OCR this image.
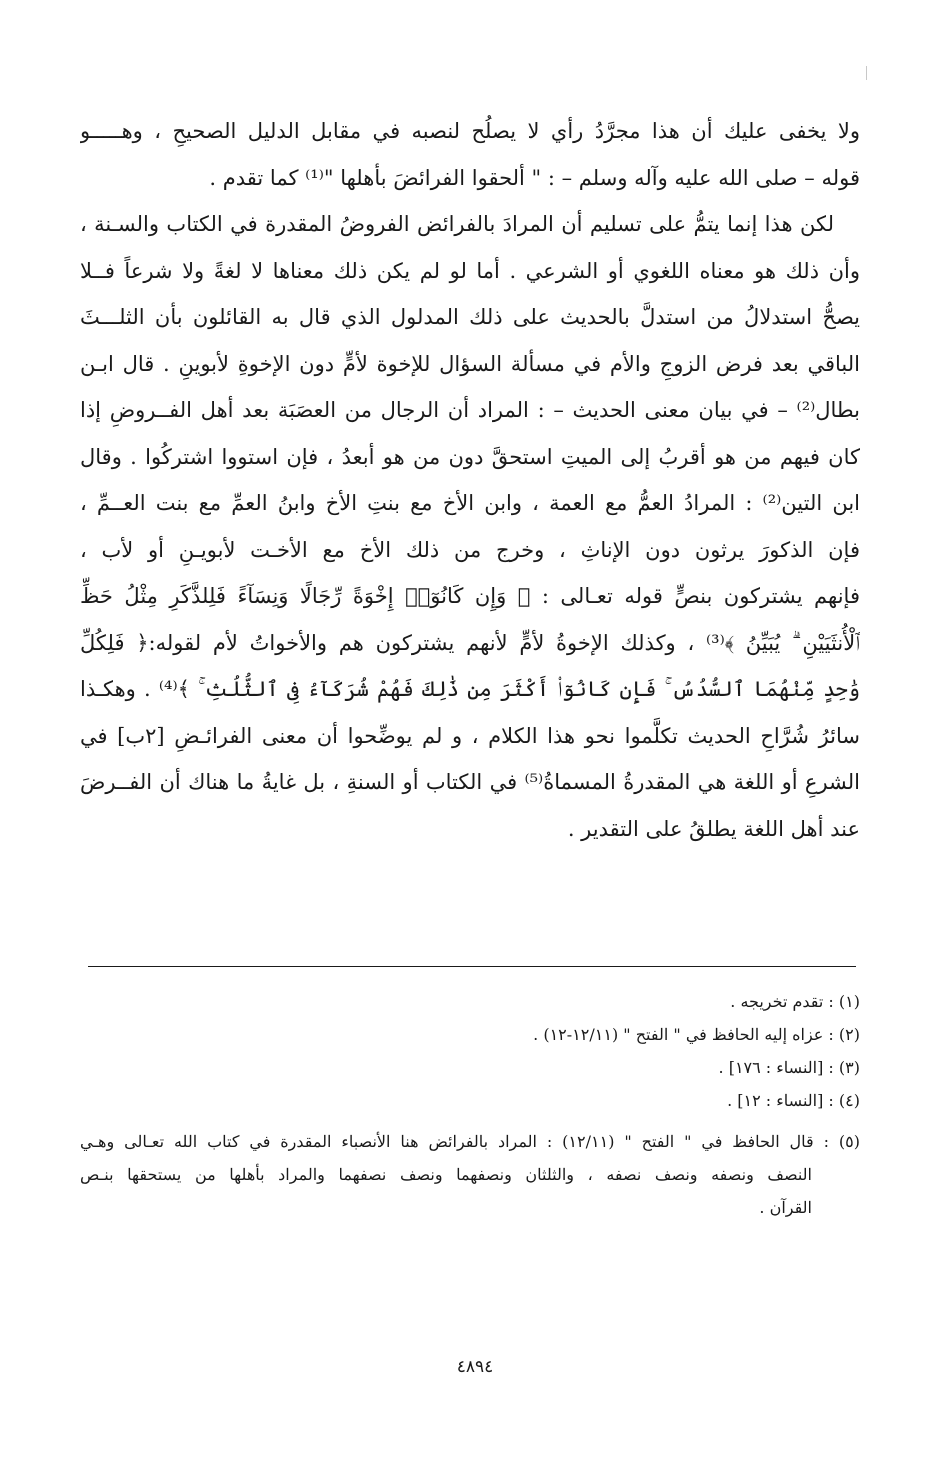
ولا يخفى عليك أن هذا مجرَّدُ رأي لا يصلُح لنصبه في مقابل الدليل الصحيحِ ، وهـــــو
قوله – صلى الله عليه وآله وسلم – : " ألحقوا الفرائضَ بأهلها "⁽¹⁾ كما تقدم .
لكن هذا إنما يتمُّ على تسليم أن المرادَ بالفرائض الفروضُ المقدرة في الكتاب والسـنة ،
وأن ذلك هو معناه اللغوي أو الشرعي . أما لو لم يكن ذلك معناها لا لغةً ولا شرعاً فــلا
يصحُّ استدلالُ من استدلَّ بالحديث على ذلك المدلول الذي قال به القائلون بأن الثلـــثَ
الباقي بعد فرض الزوجِ والأم في مسألة السؤال للإخوة لأمٍّ دون الإخوةِ لأبوينِ . قال ابـن
بطال⁽²⁾ – في بيان معنى الحديث – : المراد أن الرجال من العصَبَة بعد أهل الفــروضِ إذا
كان فيهم من هو أقربُ إلى الميتِ استحقَّ دون من هو أبعدُ ، فإن استووا اشتركُوا . وقال
ابن التين⁽²⁾ : المرادُ العمُّ مع العمة ، وابن الأخ مع بنتِ الأخ وابنُ العمِّ مع بنت العــمِّ ،
فإن الذكورَ يرثون دون الإناثِ ، وخرج من ذلك الأخ مع الأخـت لأبويـنِ أو لأب ،
فإنهم يشتركون بنصٍّ قوله تعـالى : ﴿ وَإِن كَانُوٓا۟ إِخْوَةً رِّجَالًا وَنِسَآءً فَلِلذَّكَرِ مِثْلُ حَظِّ
ٱلْأُنثَيَيْنِ ۗ يُبَيِّنُ ﴾⁽³⁾ ، وكذلك الإخوةُ لأمٍّ لأنهم يشتركون هم والأخواتُ لأم لقوله:﴿ فَلِكُلِّ
وَٰحِدٍ مِّنْهُمَا ٱلسُّدُسُ ۚ فَإِن كَانُوٓا۟ أَكْثَرَ مِن ذَٰلِكَ فَهُمْ شُرَكَآءُ فِى ٱلثُّلُثِ ۚ ﴾⁽⁴⁾ . وهكـذا
سائرُ شُرَّاحِ الحديث تكلَّموا نحو هذا الكلام ، و لم يوضِّحوا أن معنى الفرائـضِ [٢ب] في
الشرعِ أو اللغة هي المقدرةُ المسماةُ⁽⁵⁾ في الكتاب أو السنةِ ، بل غايةُ ما هناك أن الفــرضَ
عند أهل اللغة يطلقُ على التقدير .
(١) : تقدم تخريجه .
(٢) : عزاه إليه الحافظ في " الفتح " (١٢/١١-١٢) .
(٣) : [النساء : ١٧٦] .
(٤) : [النساء : ١٢] .
(٥) : قال الحافظ في " الفتح " (١٢/١١) : المراد بالفرائض هنا الأنصباء المقدرة في كتاب الله تعـالى وهـي
النصف ونصفه ونصف نصفه ، والثلثان ونصفهما ونصف نصفهما والمراد بأهلها من يستحقها بنـص
القرآن .
٤٨٩٤
